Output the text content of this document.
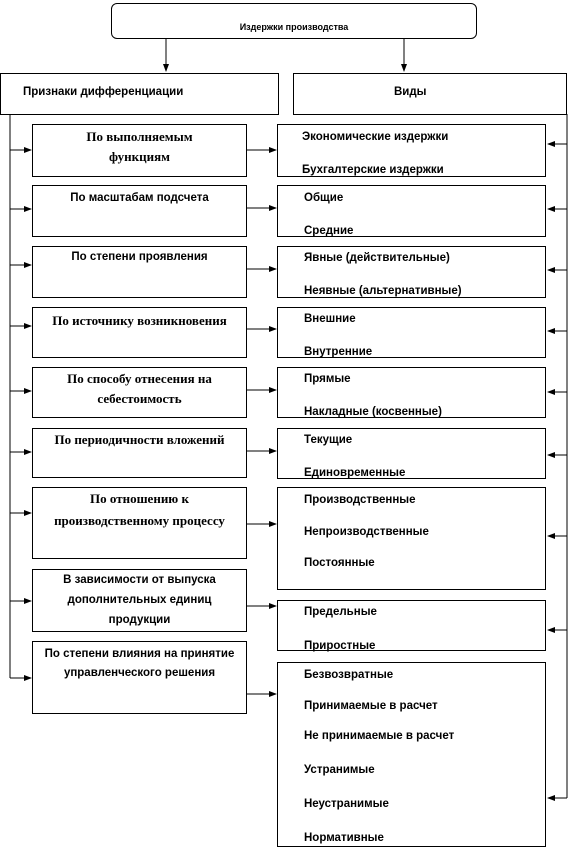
Издержки производства
Признаки дифференциации	Виды
По выполняемым
функциям
По масштабам подсчета
По степени проявления
По источнику возникновения
По способу отнесения на
себестоимость
По периодичности вложений
По отношению к
производственному процессу
В зависимости от выпуска
дополнительных единиц
продукции
По степени влияния на принятие
управленческого решения
Экономические издержки
Бухгалтерские издержки
Общие
Средние
Явные (действительные)
Неявные (альтернативные)
Внешние
Внутренние
Прямые
Накладные (косвенные)
Текущие
Единовременные
Производственные
Непроизводственные
Постоянные
Предельные
Приростные
Безвозвратные
Принимаемые в расчет
Не принимаемые в расчет
Устранимые
Неустранимые
Нормативные
